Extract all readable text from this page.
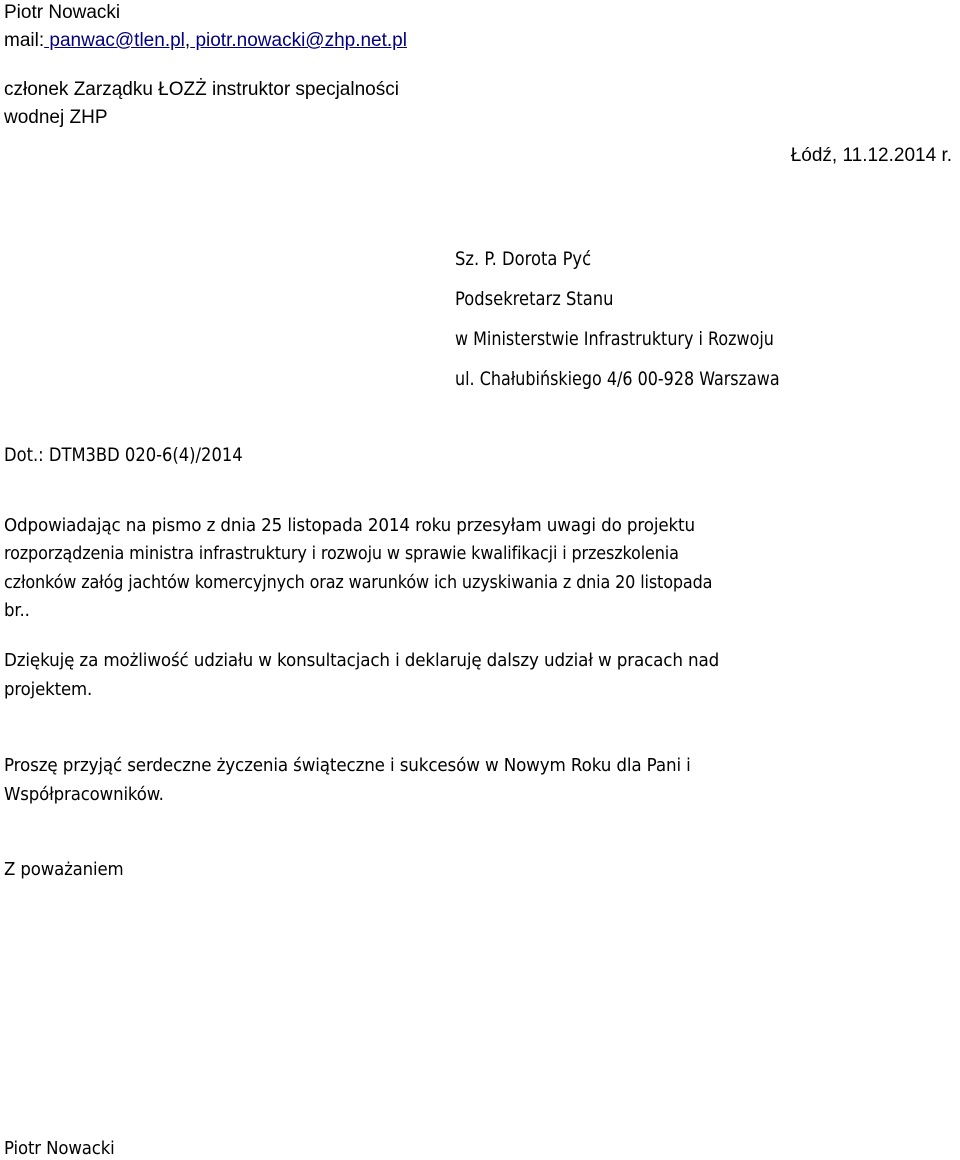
Piotr Nowacki
mail: panwac@tlen.pl, piotr.nowacki@zhp.net.pl
członek Zarządku ŁOZŻ instruktor specjalności
wodnej ZHP
Łódź, 11.12.2014 r.
Sz. P. Dorota Pyć
Podsekretarz Stanu
w Ministerstwie Infrastruktury i Rozwoju
ul. Chałubińskiego 4/6 00-928 Warszawa
Dot.: DTM3BD 020-6(4)/2014
Odpowiadając na pismo z dnia 25 listopada 2014 roku przesyłam uwagi do projektu
rozporządzenia ministra infrastruktury i rozwoju w sprawie kwalifikacji i przeszkolenia
członków załóg jachtów komercyjnych oraz warunków ich uzyskiwania z dnia 20 listopada
br..
Dziękuję za możliwość udziału w konsultacjach i deklaruję dalszy udział w pracach nad
projektem.
Proszę przyjąć serdeczne życzenia świąteczne i sukcesów w Nowym Roku dla Pani i
Współpracowników.
Z poważaniem
Piotr Nowacki
